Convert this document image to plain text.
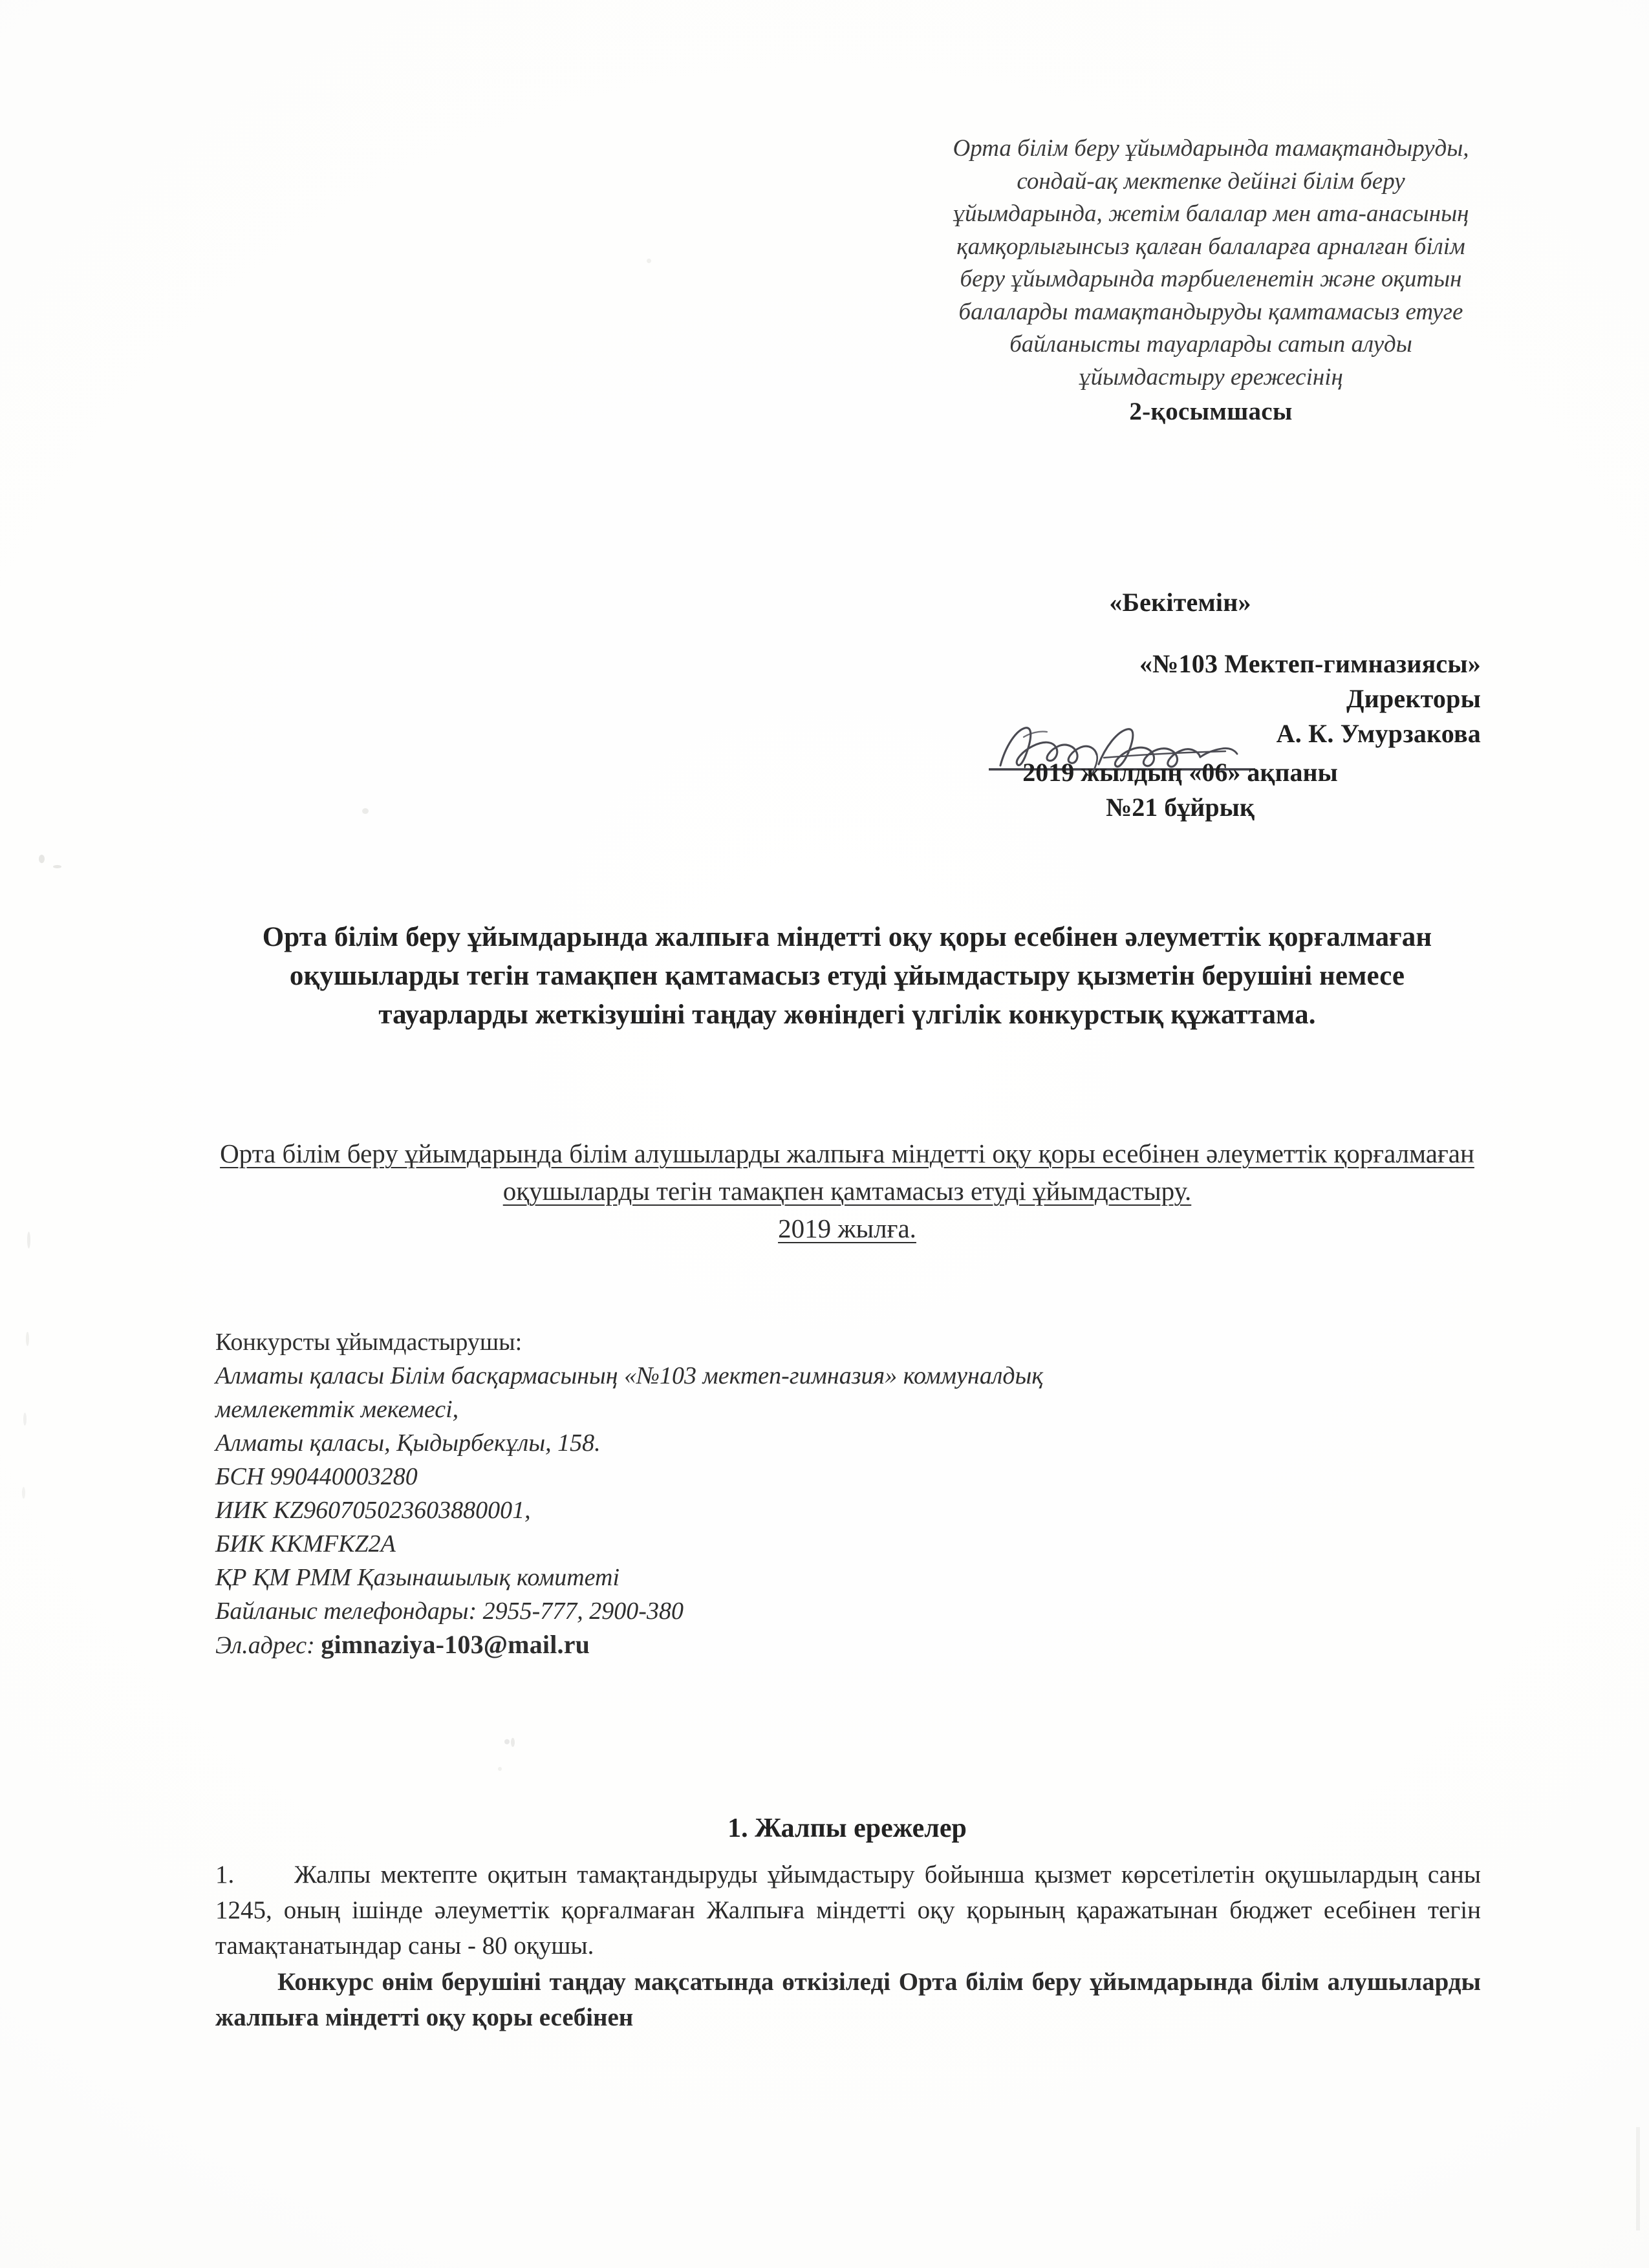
Орта білім беру ұйымдарында тамақтандыруды, сондай-ақ мектепке дейінгі білім беру ұйымдарында, жетім балалар мен ата-анасының қамқорлығынсыз қалған балаларға арналған білім беру ұйымдарында тәрбиеленетін және оқитын балаларды тамақтандыруды қамтамасыз етуге байланысты тауарларды сатып алуды ұйымдастыру ережесінің
2-қосымшасы
«Бекітемін»
«№103 Мектеп-гимназиясы»
Директоры
А. К. Умурзакова
2019 жылдың «06» ақпаны
№21 бұйрық
Орта білім беру ұйымдарында жалпыға міндетті оқу қоры есебінен әлеуметтік қорғалмаған оқушыларды тегін тамақпен қамтамасыз етуді ұйымдастыру қызметін берушіні немесе тауарларды жеткізушіні таңдау жөніндегі үлгілік конкурстық құжаттама.
Орта білім беру ұйымдарында білім алушыларды жалпыға міндетті оқу қоры есебінен әлеуметтік қорғалмаған оқушыларды тегін тамақпен қамтамасыз етуді ұйымдастыру.
2019 жылға.
Конкурсты ұйымдастырушы:
Алматы қаласы Білім басқармасының «№103 мектеп-гимназия» коммуналдық
мемлекеттік мекемесі,
Алматы қаласы, Қыдырбекұлы, 158.
БСН 990440003280
ИИК KZ960705023603880001,
БИК KKMFKZ2A
ҚР ҚМ РММ Қазынашылық комитеті
Байланыс телефондары: 2955-777, 2900-380
Эл.адрес: gimnaziya-103@mail.ru
1. Жалпы ережелер

1. Жалпы мектепте оқитын тамақтандыруды ұйымдастыру бойынша қызмет көрсетілетін оқушылардың саны 1245, оның ішінде әлеуметтік қорғалмаған Жалпыға міндетті оқу қорының қаражатынан бюджет есебінен тегін тамақтанатындар саны - 80 оқушы.

Конкурс өнім берушіні таңдау мақсатында өткізіледі Орта білім беру ұйымдарында білім алушыларды жалпыға міндетті оқу қоры есебінен
